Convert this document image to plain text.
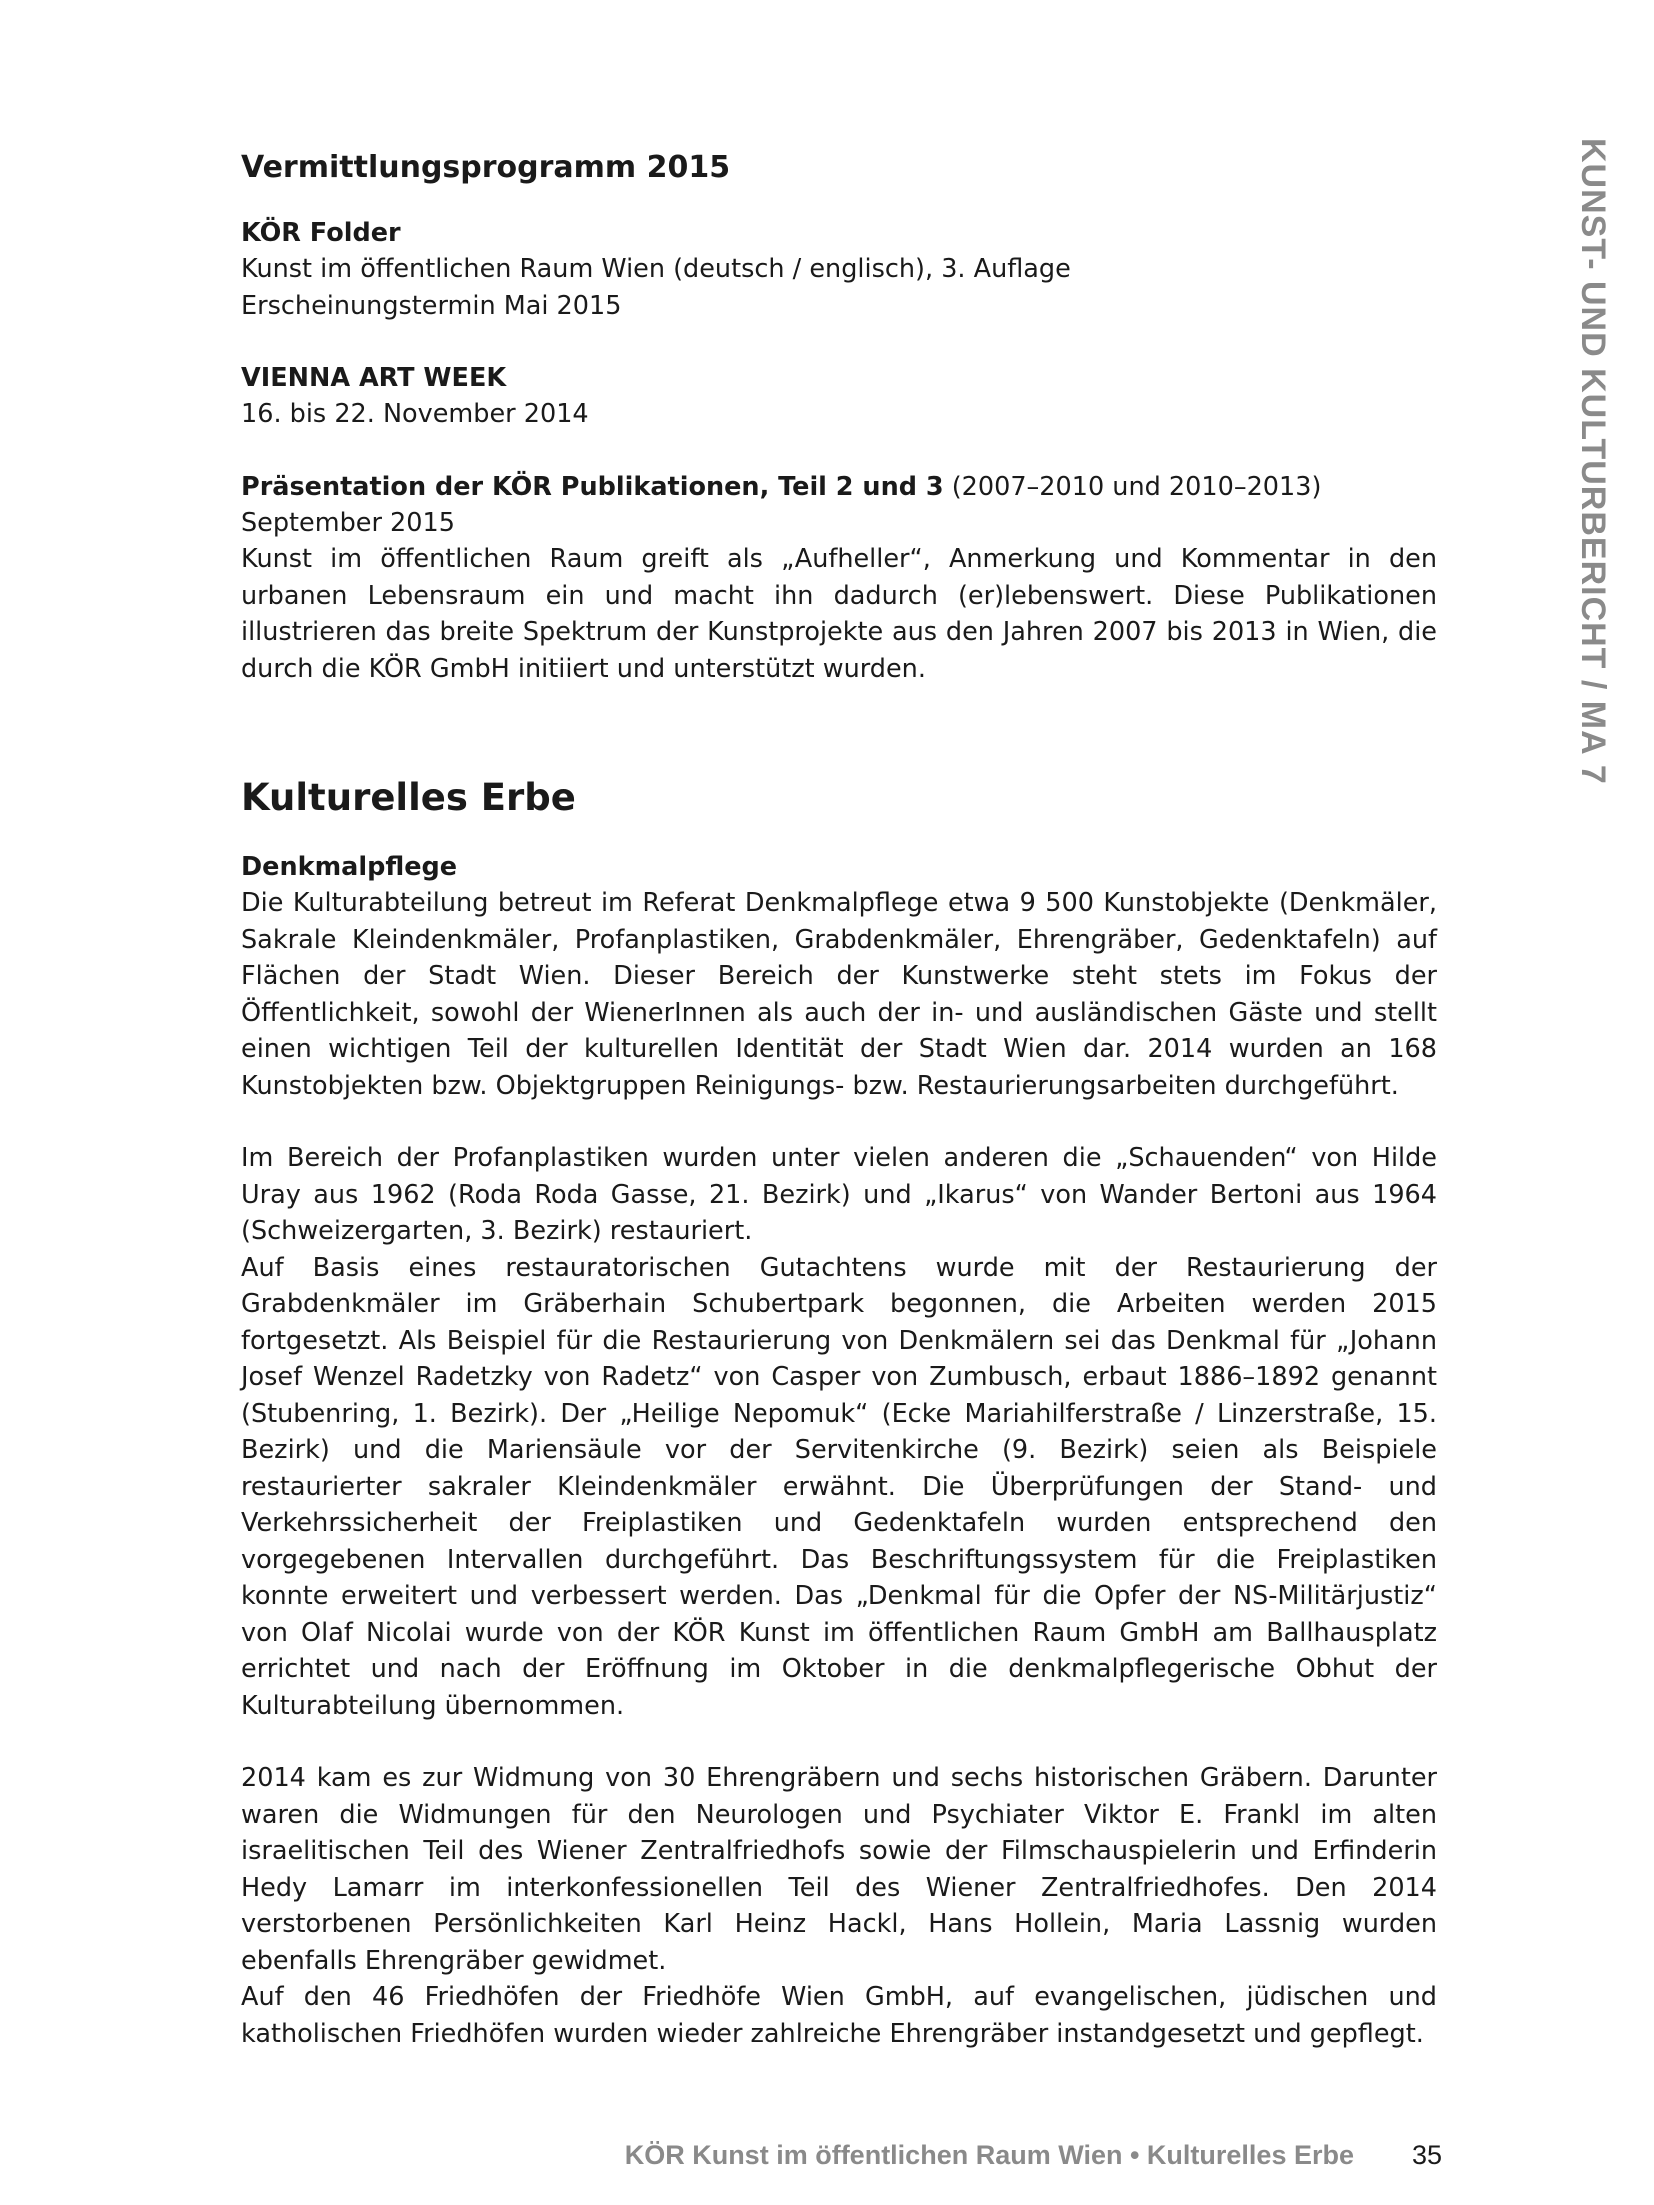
KUNST- UND KULTURBERICHT / MA 7
Vermittlungsprogramm 2015
KÖR Folder
Kunst im öffentlichen Raum Wien (deutsch / englisch), 3. Auflage
Erscheinungstermin Mai 2015
VIENNA ART WEEK
16. bis 22. November 2014
Präsentation der KÖR Publikationen, Teil 2 und 3 (2007–2010 und 2010–2013)
September 2015
Kunst im öffentlichen Raum greift als „Aufheller“, Anmerkung und Kommentar in den urbanen Lebensraum ein und macht ihn dadurch (er)lebenswert. Diese Publikationen illustrieren das breite Spektrum der Kunstprojekte aus den Jahren 2007 bis 2013 in Wien, die durch die KÖR GmbH initiiert und unterstützt wurden.
Kulturelles Erbe
Denkmalpflege
Die Kulturabteilung betreut im Referat Denkmalpflege etwa 9 500 Kunstobjekte (Denkmäler, Sakrale Kleindenkmäler, Profanplastiken, Grabdenkmäler, Ehrengräber, Gedenktafeln) auf Flächen der Stadt Wien. Dieser Bereich der Kunstwerke steht stets im Fokus der Öffentlichkeit, sowohl der WienerInnen als auch der in- und ausländischen Gäste und stellt einen wichtigen Teil der kulturellen Identität der Stadt Wien dar. 2014 wurden an 168 Kunstobjekten bzw. Objektgruppen Reinigungs- bzw. Restaurierungsarbeiten durchgeführt.
Im Bereich der Profanplastiken wurden unter vielen anderen die „Schauenden“ von Hilde Uray aus 1962 (Roda Roda Gasse, 21. Bezirk) und „Ikarus“ von Wander Bertoni aus 1964 (Schweizergarten, 3. Bezirk) restauriert.
Auf Basis eines restauratorischen Gutachtens wurde mit der Restaurierung der Grabdenkmäler im Gräberhain Schubertpark begonnen, die Arbeiten werden 2015 fortgesetzt. Als Beispiel für die Restaurierung von Denkmälern sei das Denkmal für „Johann Josef Wenzel Radetzky von Radetz“ von Casper von Zumbusch, erbaut 1886–1892 genannt (Stubenring, 1. Bezirk). Der „Heilige Nepomuk“ (Ecke Mariahilferstraße / Linzerstraße, 15. Bezirk) und die Mariensäule vor der Servitenkirche (9. Bezirk) seien als Beispiele restaurierter sakraler Kleindenkmäler erwähnt. Die Überprüfungen der Stand- und Verkehrssicherheit der Freiplastiken und Gedenktafeln wurden entsprechend den vorgegebenen Intervallen durchgeführt. Das Beschriftungssystem für die Freiplastiken konnte erweitert und verbessert werden. Das „Denkmal für die Opfer der NS-Militärjustiz“ von Olaf Nicolai wurde von der KÖR Kunst im öffentlichen Raum GmbH am Ballhausplatz errichtet und nach der Eröffnung im Oktober in die denkmalpflegerische Obhut der Kulturabteilung übernommen.
2014 kam es zur Widmung von 30 Ehrengräbern und sechs historischen Gräbern. Darunter waren die Widmungen für den Neurologen und Psychiater Viktor E. Frankl im alten israelitischen Teil des Wiener Zentralfriedhofs sowie der Filmschauspielerin und Erfinderin Hedy Lamarr im interkonfessionellen Teil des Wiener Zentralfriedhofes. Den 2014 verstorbenen Persönlichkeiten Karl Heinz Hackl, Hans Hollein, Maria Lassnig wurden ebenfalls Ehrengräber gewidmet.
Auf den 46 Friedhöfen der Friedhöfe Wien GmbH, auf evangelischen, jüdischen und katholischen Friedhöfen wurden wieder zahlreiche Ehrengräber instandgesetzt und gepflegt.
KÖR Kunst im öffentlichen Raum Wien • Kulturelles Erbe 35
